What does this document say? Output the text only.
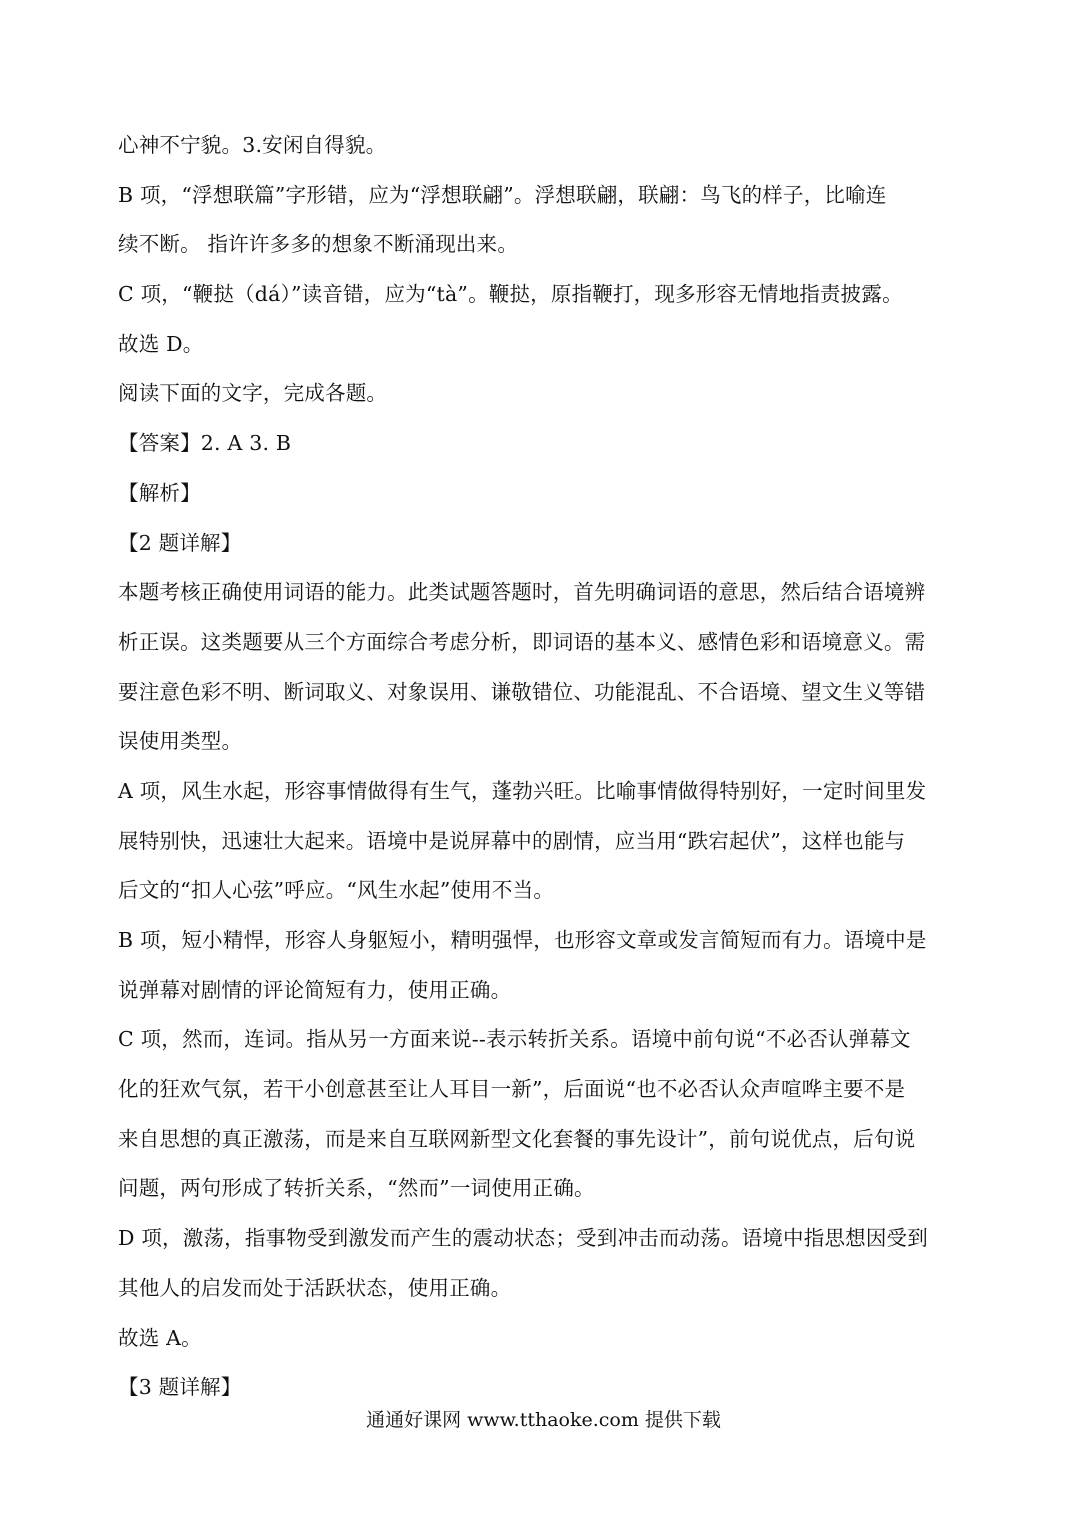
心神不宁貌。3.安闲自得貌。
B 项，“浮想联篇”字形错，应为“浮想联翩”。浮想联翩，联翩：鸟飞的样子，比喻连
续不断。 指许许多多的想象不断涌现出来。
C 项，“鞭挞（dá）”读音错，应为“tà”。鞭挞，原指鞭打，现多形容无情地指责披露。
故选 D。
阅读下面的文字，完成各题。
【答案】2. A 3. B
【解析】
【2 题详解】
本题考核正确使用词语的能力。此类试题答题时，首先明确词语的意思，然后结合语境辨
析正误。这类题要从三个方面综合考虑分析，即词语的基本义、感情色彩和语境意义。需
要注意色彩不明、断词取义、对象误用、谦敬错位、功能混乱、不合语境、望文生义等错
误使用类型。
A 项，风生水起，形容事情做得有生气，蓬勃兴旺。比喻事情做得特别好，一定时间里发
展特别快，迅速壮大起来。语境中是说屏幕中的剧情，应当用“跌宕起伏”，这样也能与
后文的“扣人心弦”呼应。“风生水起”使用不当。
B 项，短小精悍，形容人身躯短小，精明强悍，也形容文章或发言简短而有力。语境中是
说弹幕对剧情的评论简短有力，使用正确。
C 项，然而，连词。指从另一方面来说--表示转折关系。语境中前句说“不必否认弹幕文
化的狂欢气氛，若干小创意甚至让人耳目一新”，后面说“也不必否认众声喧哗主要不是
来自思想的真正激荡，而是来自互联网新型文化套餐的事先设计”，前句说优点，后句说
问题，两句形成了转折关系，“然而”一词使用正确。
D 项，激荡，指事物受到激发而产生的震动状态；受到冲击而动荡。语境中指思想因受到
其他人的启发而处于活跃状态，使用正确。
故选 A。
【3 题详解】
通通好课网 www.tthaoke.com 提供下载
